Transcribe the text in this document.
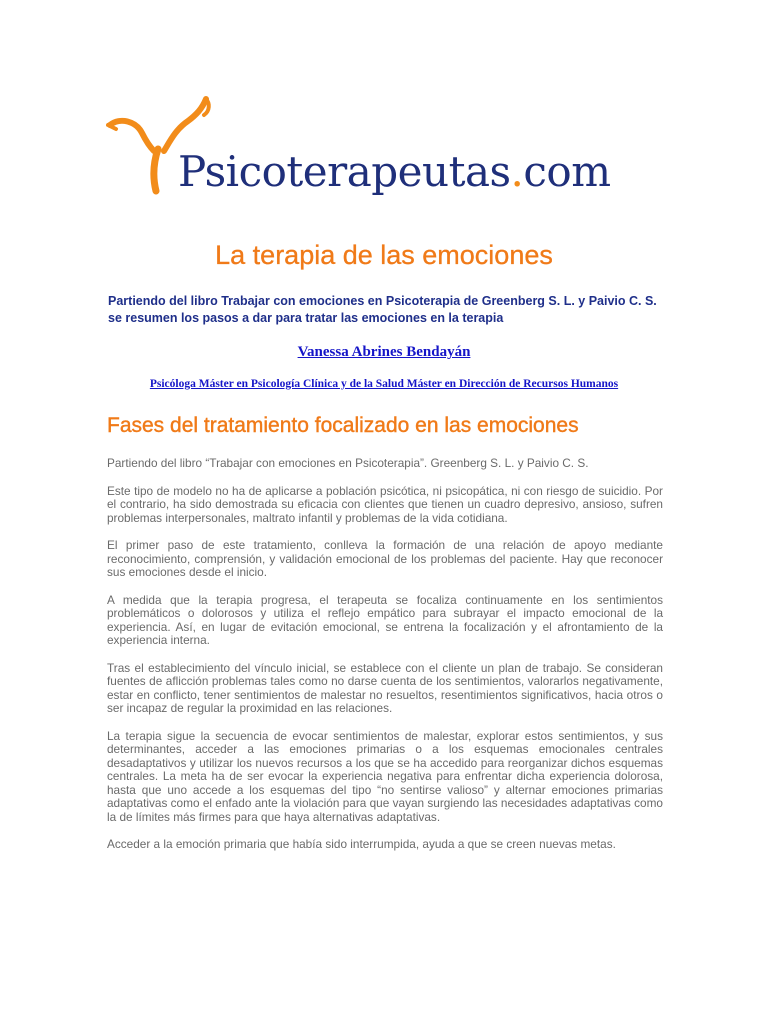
Psicoterapeutas.com
La terapia de las emociones

Partiendo del libro Trabajar con emociones en Psicoterapia de Greenberg S. L. y Paivio C. S. se resumen los pasos a dar para tratar las emociones en la terapia

Vanessa Abrines Bendayán

Psicóloga Máster en Psicología Clínica y de la Salud Máster en Dirección de Recursos Humanos

Fases del tratamiento focalizado en las emociones

Partiendo del libro “Trabajar con emociones en Psicoterapia”. Greenberg S. L. y Paivio C. S.

Este tipo de modelo no ha de aplicarse a población psicótica, ni psicopática, ni con riesgo de suicidio. Por el contrario, ha sido demostrada su eficacia con clientes que tienen un cuadro depresivo, ansioso, sufren problemas interpersonales, maltrato infantil y problemas de la vida cotidiana.

El primer paso de este tratamiento, conlleva la formación de una relación de apoyo mediante reconocimiento, comprensión, y validación emocional de los problemas del paciente. Hay que reconocer sus emociones desde el inicio.

A medida que la terapia progresa, el terapeuta se focaliza continuamente en los sentimientos problemáticos o dolorosos y utiliza el reflejo empático para subrayar el impacto emocional de la experiencia. Así, en lugar de evitación emocional, se entrena la focalización y el afrontamiento de la experiencia interna.

Tras el establecimiento del vínculo inicial, se establece con el cliente un plan de trabajo. Se consideran fuentes de aflicción problemas tales como no darse cuenta de los sentimientos, valorarlos negativamente, estar en conflicto, tener sentimientos de malestar no resueltos, resentimientos significativos, hacia otros o ser incapaz de regular la proximidad en las relaciones.

La terapia sigue la secuencia de evocar sentimientos de malestar, explorar estos sentimientos, y sus determinantes, acceder a las emociones primarias o a los esquemas emocionales centrales desadaptativos y utilizar los nuevos recursos a los que se ha accedido para reorganizar dichos esquemas centrales. La meta ha de ser evocar la experiencia negativa para enfrentar dicha experiencia dolorosa, hasta que uno accede a los esquemas del tipo “no sentirse valioso” y alternar emociones primarias adaptativas como el enfado ante la violación para que vayan surgiendo las necesidades adaptativas como la de límites más firmes para que haya alternativas adaptativas.

Acceder a la emoción primaria que había sido interrumpida, ayuda a que se creen nuevas metas.
